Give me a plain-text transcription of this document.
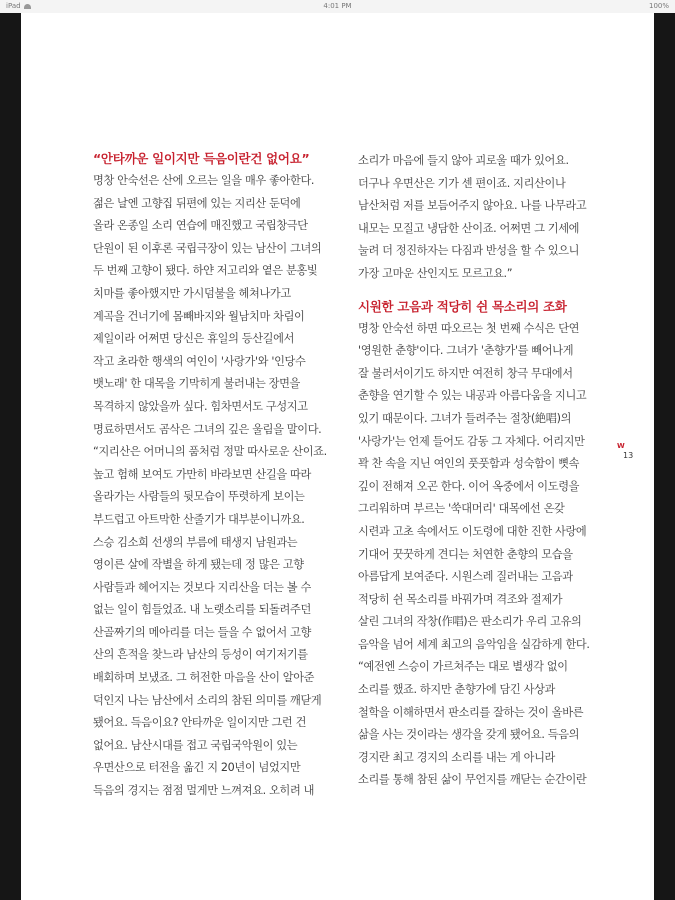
iPad	4:01 PM	100%
“안타까운 일이지만 득음이란건 없어요”
명창 안숙선은 산에 오르는 일을 매우 좋아한다.
젊은 날엔 고향집 뒤편에 있는 지리산 둔덕에
올라 온종일 소리 연습에 매진했고 국립창극단
단원이 된 이후론 국립극장이 있는 남산이 그녀의
두 번째 고향이 됐다. 하얀 저고리와 옅은 분홍빛
치마를 좋아했지만 가시덤불을 헤쳐나가고
계곡을 건너기에 몸빼바지와 월남치마 차림이
제일이라 어쩌면 당신은 휴일의 등산길에서
작고 초라한 행색의 여인이 '사랑가'와 '인당수
뱃노래' 한 대목을 기막히게 불러내는 장면을
목격하지 않았을까 싶다. 힘차면서도 구성지고
명료하면서도 곰삭은 그녀의 깊은 울림을 말이다.
“지리산은 어머니의 품처럼 정말 따사로운 산이죠.
높고 험해 보여도 가만히 바라보면 산길을 따라
올라가는 사람들의 뒷모습이 뚜렷하게 보이는
부드럽고 아트막한 산줄기가 대부분이니까요.
스승 김소희 선생의 부름에 태생지 남원과는
영이른 살에 작별을 하게 됐는데 정 많은 고향
사람들과 헤어지는 것보다 지리산을 더는 볼 수
없는 일이 힘들었죠. 내 노랫소리를 되돌려주던
산골짜기의 메아리를 더는 들을 수 없어서 고향
산의 흔적을 찾느라 남산의 등성이 여기저기를
배회하며 보냈죠. 그 허전한 마음을 산이 알아준
덕인지 나는 남산에서 소리의 참된 의미를 깨닫게
됐어요. 득음이요? 안타까운 일이지만 그런 건
없어요. 남산시대를 접고 국립국악원이 있는
우면산으로 터전을 옮긴 지 20년이 넘었지만
득음의 경지는 점점 멀게만 느껴져요. 오히려 내
소리가 마음에 들지 않아 괴로울 때가 있어요.
더구나 우면산은 기가 센 편이죠. 지리산이나
남산처럼 저를 보듬어주지 않아요. 나를 나무라고
내모는 모질고 냉담한 산이죠. 어쩌면 그 기세에
눌려 더 정진하자는 다짐과 반성을 할 수 있으니
가장 고마운 산인지도 모르고요.”
시원한 고음과 적당히 쉰 목소리의 조화
명창 안숙선 하면 따오르는 첫 번째 수식은 단연
'영원한 춘향'이다. 그녀가 '춘향가'를 빼어나게
잘 불러서이기도 하지만 여전히 창극 무대에서
춘향을 연기할 수 있는 내공과 아름다움을 지니고
있기 때문이다. 그녀가 들려주는 절창(絶唱)의
'사랑가'는 언제 들어도 감동 그 자체다. 어리지만
꽉 찬 속을 지닌 여인의 풋풋함과 성숙함이 뼛속
깊이 전해져 오곤 한다. 이어 옥중에서 이도령을
그리워하며 부르는 '쑥대머리' 대목에선 온갖
시련과 고초 속에서도 이도령에 대한 진한 사랑에
기대어 꿋꿋하게 견디는 처연한 춘향의 모습을
아름답게 보여준다. 시원스레 질러내는 고음과
적당히 쉰 목소리를 바꿔가며 격조와 절제가
살린 그녀의 작창(作唱)은 판소리가 우리 고유의
음악을 넘어 세계 최고의 음악임을 실감하게 한다.
“예전엔 스승이 가르쳐주는 대로 별생각 없이
소리를 했죠. 하지만 춘향가에 담긴 사상과
철학을 이해하면서 판소리를 잘하는 것이 올바른
삶을 사는 것이라는 생각을 갖게 됐어요. 득음의
경지란 최고 경지의 소리를 내는 게 아니라
소리를 통해 참된 삶이 무언지를 깨닫는 순간이란
W
13
